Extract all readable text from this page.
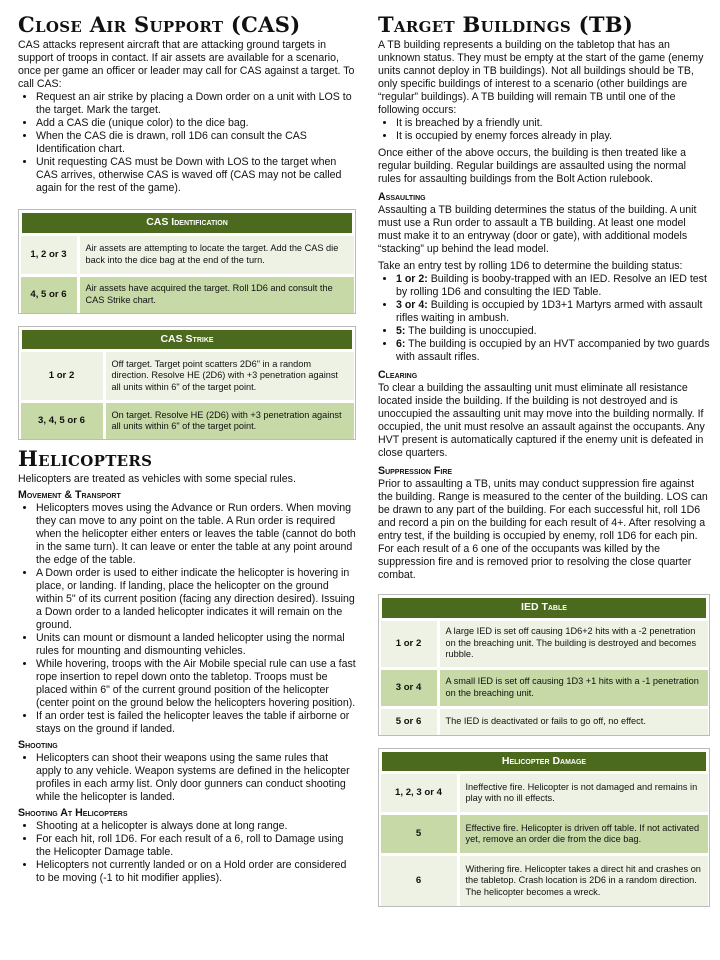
Close Air Support (CAS)

CAS attacks represent aircraft that are attacking ground targets in support of troops in contact. If air assets are available for a scenario, once per game an officer or leader may call for CAS against a target. To call CAS:

• Request an air strike by placing a Down order on a unit with LOS to the target. Mark the target.
• Add a CAS die (unique color) to the dice bag.
• When the CAS die is drawn, roll 1D6 can consult the CAS Identification chart.
• Unit requesting CAS must be Down with LOS to the target when CAS arrives, otherwise CAS is waved off (CAS may not be called again for the rest of the game).
CAS Identification	
1, 2 or 3	Air assets are attempting to locate the target. Add the CAS die back into the dice bag at the end of the turn.
4, 5 or 6	Air assets have acquired the target. Roll 1D6 and consult the CAS Strike chart.
CAS Strike	
1 or 2	Off target. Target point scatters 2D6" in a random direction. Resolve HE (2D6) with +3 penetration against all units within 6" of the target point.
3, 4, 5 or 6	On target. Resolve HE (2D6) with +3 penetration against all units within 6" of the target point.
Helicopters

Helicopters are treated as vehicles with some special rules.

Movement & Transport
• Helicopters moves using the Advance or Run orders. When moving they can move to any point on the table. A Run order is required when the helicopter either enters or leaves the table (cannot do both in the same turn). It can leave or enter the table at any point around the edge of the table.
• A Down order is used to either indicate the helicopter is hovering in place, or landing. If landing, place the helicopter on the ground within 5" of its current position (facing any direction desired). Issuing a Down order to a landed helicopter indicates it will remain on the ground.
• Units can mount or dismount a landed helicopter using the normal rules for mounting and dismounting vehicles.
• While hovering, troops with the Air Mobile special rule can use a fast rope insertion to repel down onto the tabletop. Troops must be placed within 6" of the current ground position of the helicopter (center point on the ground below the helicopters hovering position).
• If an order test is failed the helicopter leaves the table if airborne or stays on the ground if landed.
Shooting
• Helicopters can shoot their weapons using the same rules that apply to any vehicle. Weapon systems are defined in the helicopter profiles in each army list. Only door gunners can conduct shooting while the helicopter is landed.
Shooting At Helicopters
• Shooting at a helicopter is always done at long range.
• For each hit, roll 1D6. For each result of a 6, roll to Damage using the Helicopter Damage table.
• Helicopters not currently landed or on a Hold order are considered to be moving (-1 to hit modifier applies).
Target Buildings (TB)

A TB building represents a building on the tabletop that has an unknown status. They must be empty at the start of the game (enemy units cannot deploy in TB buildings). Not all buildings should be TB, only specific buildings of interest to a scenario (other buildings are “regular” buildings). A TB building will remain TB until one of the following occurs:

• It is breached by a friendly unit.
• It is occupied by enemy forces already in play.

Once either of the above occurs, the building is then treated like a regular building. Regular buildings are assaulted using the normal rules for assaulting buildings from the Bolt Action rulebook.

Assaulting

Assaulting a TB building determines the status of the building. A unit must use a Run order to assault a TB building. At least one model must make it to an entryway (door or gate), with additional models “stacking” up behind the lead model.

Take an entry test by rolling 1D6 to determine the building status:

• 1 or 2: Building is booby-trapped with an IED. Resolve an IED test by rolling 1D6 and consulting the IED Table.
• 3 or 4: Building is occupied by 1D3+1 Martyrs armed with assault rifles waiting in ambush.
• 5: The building is unoccupied.
• 6: The building is occupied by an HVT accompanied by two guards with assault rifles.
Clearing

To clear a building the assaulting unit must eliminate all resistance located inside the building. If the building is not destroyed and is unoccupied the assaulting unit may move into the building normally. If occupied, the unit must resolve an assault against the occupants. Any HVT present is automatically captured if the enemy unit is defeated in close quarters.

Suppression Fire

Prior to assaulting a TB, units may conduct suppression fire against the building. Range is measured to the center of the building. LOS can be drawn to any part of the building. For each successful hit, roll 1D6 and record a pin on the building for each result of 4+. After resolving a entry test, if the building is occupied by enemy, roll 1D6 for each pin. For each result of a 6 one of the occupants was killed by the suppression fire and is removed prior to resolving the close quarter combat.

IED Table	
1 or 2	A large IED is set off causing 1D6+2 hits with a -2 penetration on the breaching unit. The building is destroyed and becomes rubble.
3 or 4	A small IED is set off causing 1D3 +1 hits with a -1 penetration on the breaching unit.
5 or 6	The IED is deactivated or fails to go off, no effect.
Helicopter Damage	
1, 2, 3 or 4	Ineffective fire. Helicopter is not damaged and remains in play with no ill effects.
5	Effective fire. Helicopter is driven off table. If not activated yet, remove an order die from the dice bag.
6	Withering fire. Helicopter takes a direct hit and crashes on the tabletop. Crash location is 2D6 in a random direction. The helicopter becomes a wreck.
